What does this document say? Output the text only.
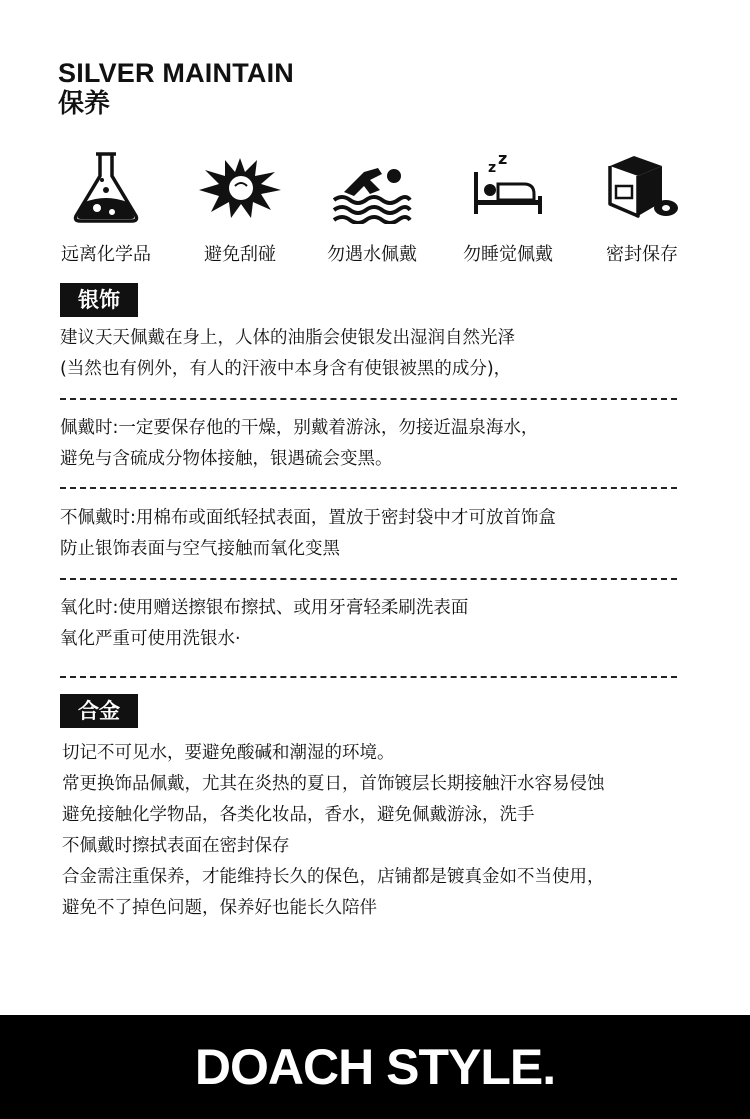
SILVER MAINTAIN
保养
远离化学品	避免刮碰	勿遇水佩戴
z z
勿睡觉佩戴	密封保存
银饰
建议天天佩戴在身上，人体的油脂会使银发出湿润自然光泽
(当然也有例外，有人的汗液中本身含有使银被黑的成分)，
佩戴时:一定要保存他的干燥，别戴着游泳，勿接近温泉海水，
避免与含硫成分物体接触，银遇硫会变黑。
不佩戴时:用棉布或面纸轻拭表面，置放于密封袋中才可放首饰盒
防止银饰表面与空气接触而氧化变黑
氧化时:使用赠送擦银布擦拭、或用牙膏轻柔刷洗表面
氧化严重可使用洗银水·
合金
切记不可见水，要避免酸碱和潮湿的环境。
常更换饰品佩戴，尤其在炎热的夏日，首饰镀层长期接触汗水容易侵蚀
避免接触化学物品，各类化妆品，香水，避免佩戴游泳，洗手
不佩戴时擦拭表面在密封保存
合金需注重保养，才能维持长久的保色，店铺都是镀真金如不当使用，
避免不了掉色问题，保养好也能长久陪伴
DOACH STYLE.
